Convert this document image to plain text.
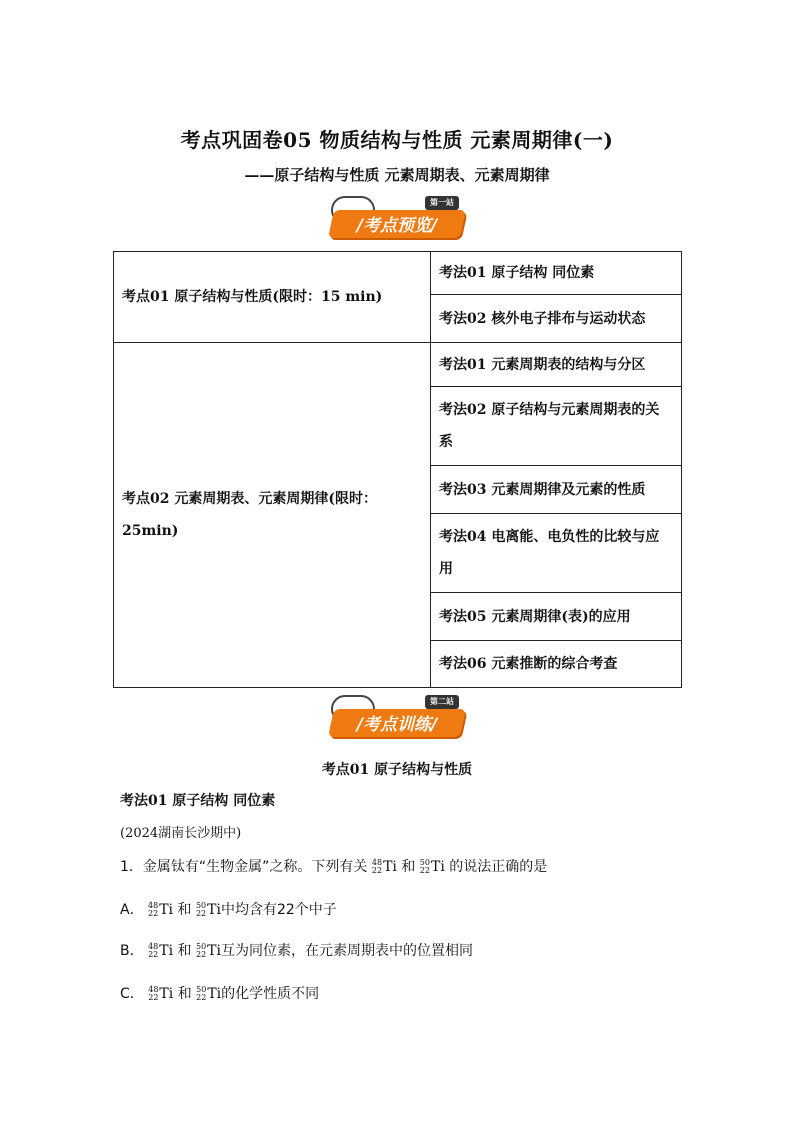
考点巩固卷05 物质结构与性质 元素周期律(一)
——原子结构与性质 元素周期表、元素周期律
/考点预览/
第一站
考点01 原子结构与性质(限时：15 min)	考法01 原子结构 同位素
	考法02 核外电子排布与运动状态
考点02 元素周期表、元素周期律(限时：25min)	考法01 元素周期表的结构与分区
	考法02 原子结构与元素周期表的关系
	考法03 元素周期律及元素的性质
	考法04 电离能、电负性的比较与应用
	考法05 元素周期律(表)的应用
	考法06 元素推断的综合考查
/考点训练/
第二站
考点01 原子结构与性质
考法01 原子结构 同位素
(2024湖南长沙期中)
1．金属钛有“生物金属”之称。下列有关 48
22 Ti 和 50
22 Ti 的说法正确的是
A． 48
22 Ti 和 50
22 Ti中均含有22个中子
B． 48
22 Ti 和 50
22 Ti互为同位素，在元素周期表中的位置相同
C． 48
22 Ti 和 50
22 Ti的化学性质不同
